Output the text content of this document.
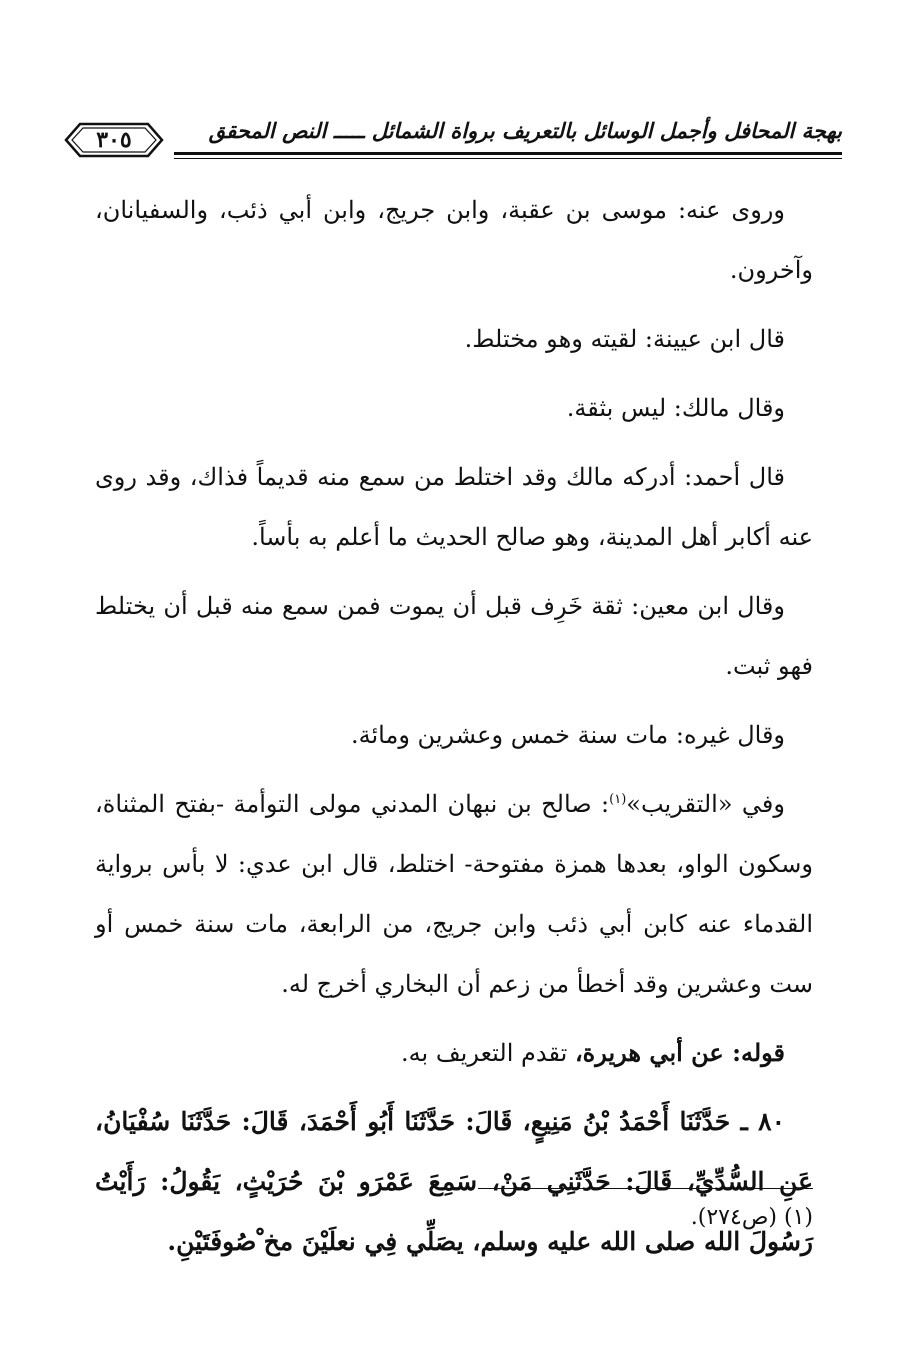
٣٠٥	بهجة المحافل وأجمل الوسائل بالتعريف برواة الشمائل ـــــ النص المحقق

وروى عنه: موسى بن عقبة، وابن جريج، وابن أبي ذئب، والسفيانان، وآخرون.

قال ابن عيينة: لقيته وهو مختلط.

وقال مالك: ليس بثقة.

قال أحمد: أدركه مالك وقد اختلط من سمع منه قديماً فذاك، وقد روى عنه أكابر أهل المدينة، وهو صالح الحديث ما أعلم به بأساً.

وقال ابن معين: ثقة خَرِف قبل أن يموت فمن سمع منه قبل أن يختلط فهو ثبت.

وقال غيره: مات سنة خمس وعشرين ومائة.

وفي «التقريب»$^{(١)}$: صالح بن نبهان المدني مولى التوأمة -بفتح المثناة، وسكون الواو، بعدها همزة مفتوحة- اختلط، قال ابن عدي: لا بأس برواية القدماء عنه كابن أبي ذئب وابن جريج، من الرابعة، مات سنة خمس أو ست وعشرين وقد أخطأ من زعم أن البخاري أخرج له.

قوله: عن أبي هريرة، تقدم التعريف به.

٨٠ ـ حَدَّثَنَا أَحْمَدُ بْنُ مَنِيعٍ، قَالَ: حَدَّثَنَا أَبُو أَحْمَدَ، قَالَ: حَدَّثَنَا سُفْيَانُ، عَنِ السُّدِّيِّ، قَالَ: حَدَّثَنِي مَنْ، سَمِعَ عَمْرَو بْنَ حُرَيْثٍ، يَقُولُ: رَأَيْتُ رَسُولَ الله صلى الله عليه وسلم، يصَلِّي فِي نعلَيْنَ مخ ْصُوفَتَيْنِ.

(١) (ص٢٧٤).
